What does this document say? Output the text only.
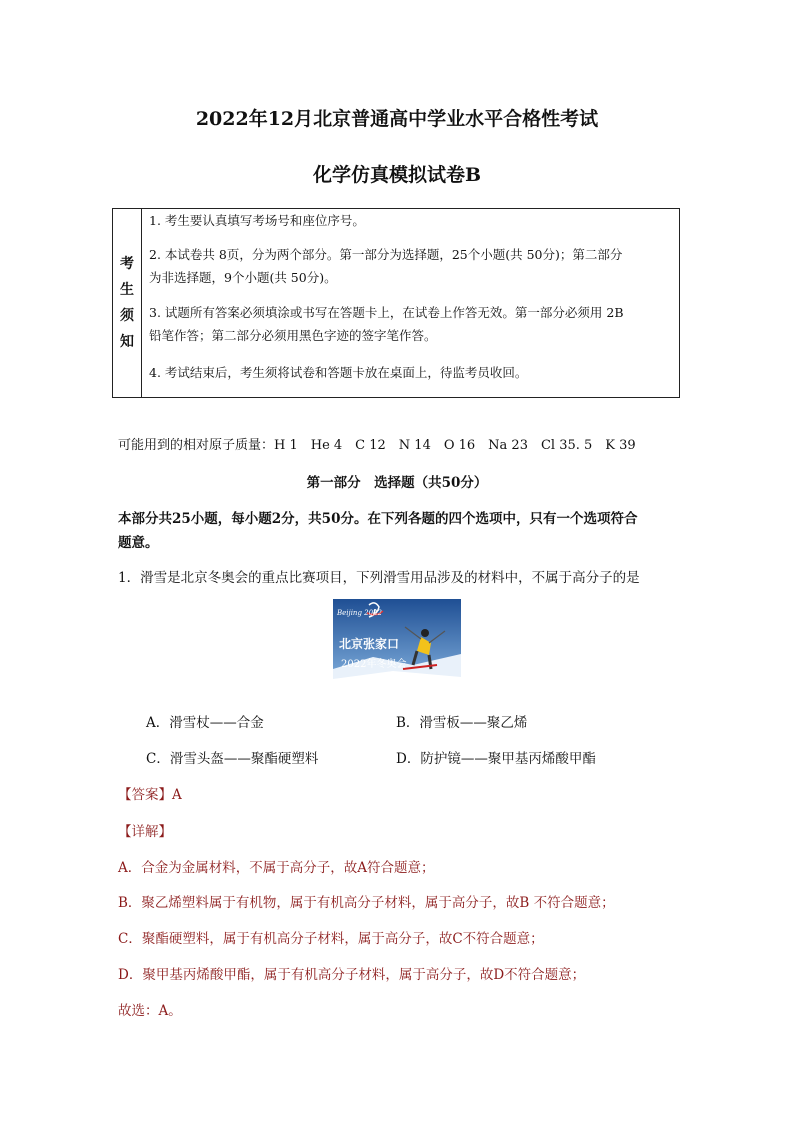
2022年12月北京普通高中学业水平合格性考试
化学仿真模拟试卷B
考
生
须
知
1. 考生要认真填写考场号和座位序号。
2. 本试卷共 8页，分为两个部分。第一部分为选择题，25个小题(共 50分)；第二部分
为非选择题，9个小题(共 50分)。
3. 试题所有答案必须填涂或书写在答题卡上，在试卷上作答无效。第一部分必须用 2B
铅笔作答；第二部分必须用黑色字迹的签字笔作答。
4. 考试结束后，考生须将试卷和答题卡放在桌面上，待监考员收回。
可能用到的相对原子质量：H 1　He 4　C 12　N 14　O 16　Na 23　Cl 35. 5　K 39
第一部分　选择题（共50分）
本部分共25小题，每小题2分，共50分。在下列各题的四个选项中，只有一个选项符合
题意。
1．滑雪是北京冬奥会的重点比赛项目，下列滑雪用品涉及的材料中，不属于高分子的是
Beijing 2022
北京张家口
2022年冬奥会
A．滑雪杖——合金	B．滑雪板——聚乙烯
C．滑雪头盔——聚酯硬塑料	D．防护镜——聚甲基丙烯酸甲酯
【答案】A
【详解】
A．合金为金属材料，不属于高分子，故A符合题意；
B．聚乙烯塑料属于有机物，属于有机高分子材料，属于高分子，故B 不符合题意；
C．聚酯硬塑料，属于有机高分子材料，属于高分子，故C不符合题意；
D．聚甲基丙烯酸甲酯，属于有机高分子材料，属于高分子，故D不符合题意；
故选：A。
